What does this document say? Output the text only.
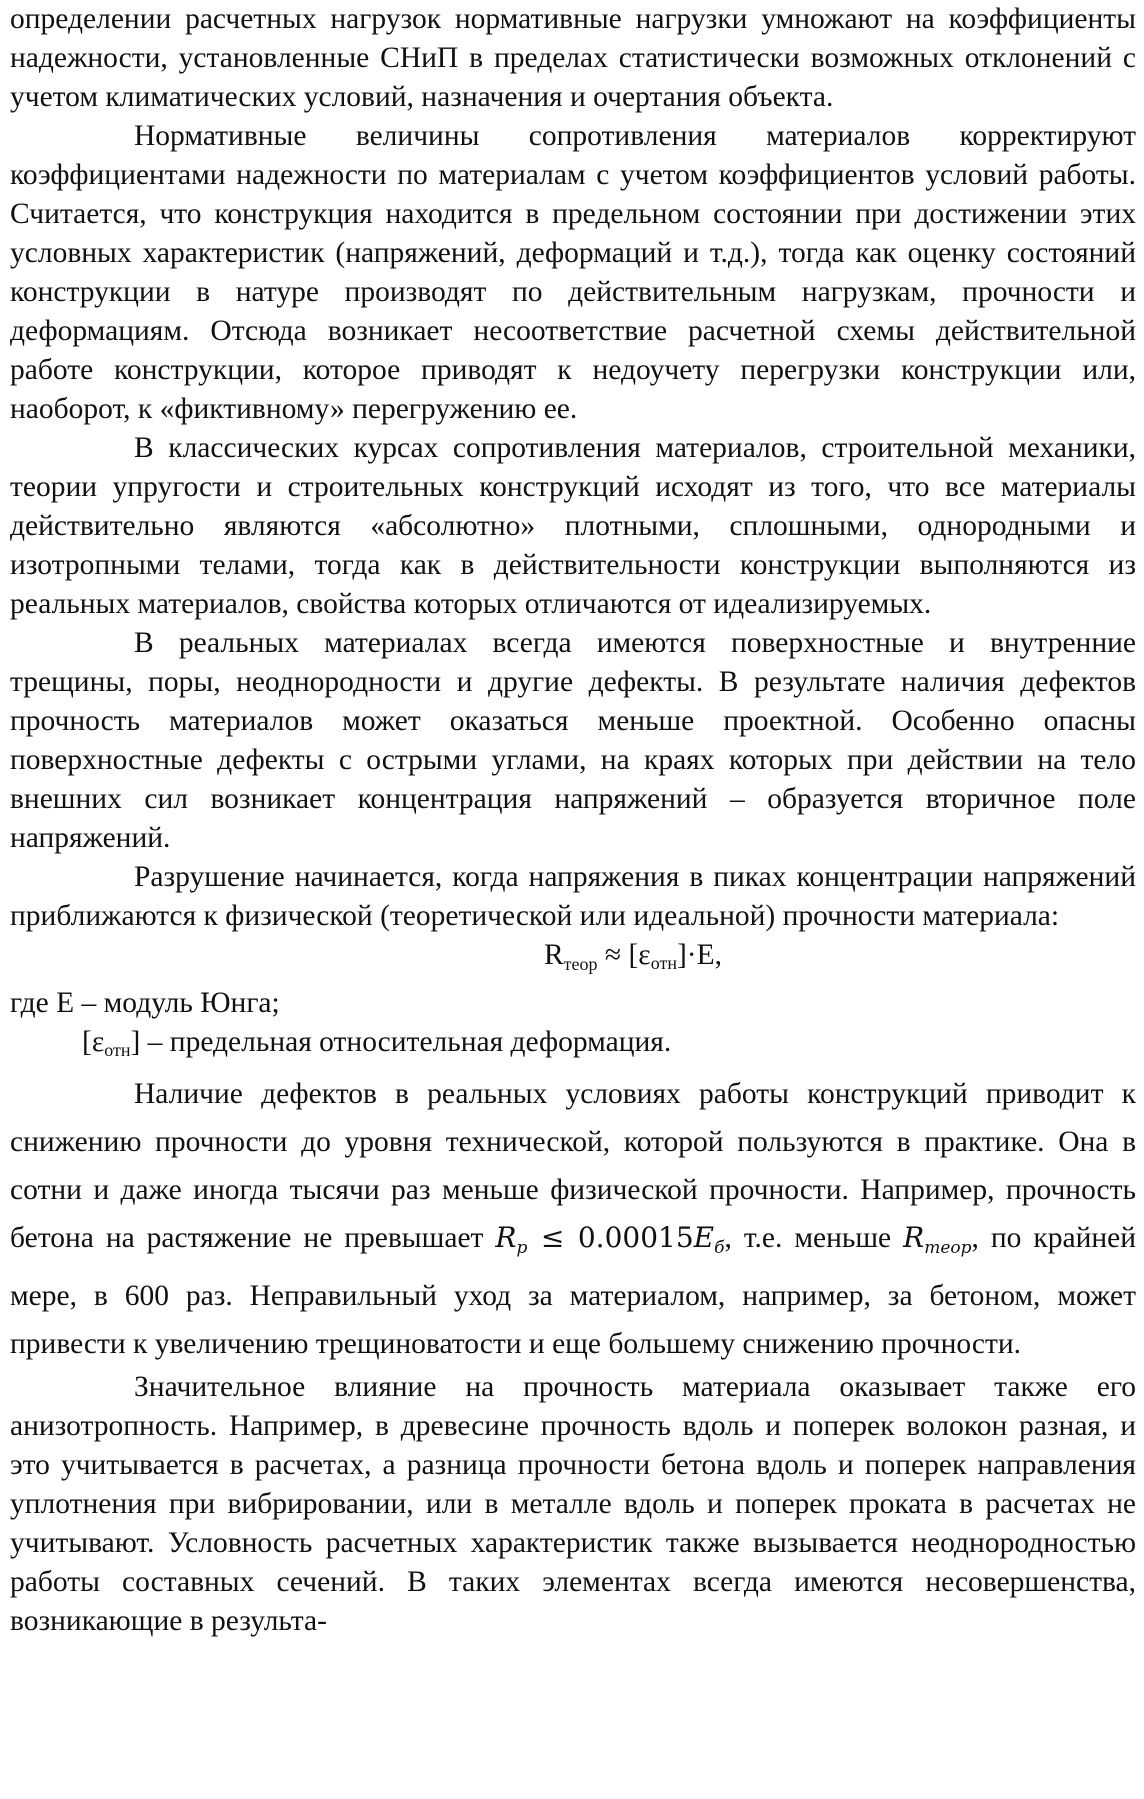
определении расчетных нагрузок нормативные нагрузки умножают на коэффициенты надежности, установленные СНиП в пределах статистически возможных отклонений с учетом климатических условий, назначения и очертания объекта.

Нормативные величины сопротивления материалов корректируют коэффициентами надежности по материалам с учетом коэффициентов условий работы. Считается, что конструкция находится в предельном состоянии при достижении этих условных характеристик (напряжений, деформаций и т.д.), тогда как оценку состояний конструкции в натуре производят по действительным нагрузкам, прочности и деформациям. Отсюда возникает несоответствие расчетной схемы действительной работе конструкции, которое приводят к недоучету перегрузки конструкции или, наоборот, к «фиктивному» перегружению ее.

В классических курсах сопротивления материалов, строительной механики, теории упругости и строительных конструкций исходят из того, что все материалы действительно являются «абсолютно» плотными, сплошными, однородными и изотропными телами, тогда как в действительности конструкции выполняются из реальных материалов, свойства которых отличаются от идеализируемых.

В реальных материалах всегда имеются поверхностные и внутренние трещины, поры, неоднородности и другие дефекты. В результате наличия дефектов прочность материалов может оказаться меньше проектной. Особенно опасны поверхностные дефекты с острыми углами, на краях которых при действии на тело внешних сил возникает концентрация напряжений – образуется вторичное поле напряжений.

Разрушение начинается, когда напряжения в пиках концентрации напряжений приближаются к физической (теоретической или идеальной) прочности материала:

$R_{теор} \approx [\varepsilon_{отн}]\cdot E$,

где E – модуль Юнга;

[εотн] – предельная относительная деформация.

Наличие дефектов в реальных условиях работы конструкций приводит к снижению прочности до уровня технической, которой пользуются в практике. Она в сотни и даже иногда тысячи раз меньше физической прочности. Например, прочность бетона на растяжение не превышает $R_p \le 0.00015E_б$, т.е. меньше $R_{теор}$, по крайней мере, в 600 раз. Неправильный уход за материалом, например, за бетоном, может привести к увеличению трещиноватости и еще большему снижению прочности.

Значительное влияние на прочность материала оказывает также его анизотропность. Например, в древесине прочность вдоль и поперек волокон разная, и это учитывается в расчетах, а разница прочности бетона вдоль и поперек направления уплотнения при вибрировании, или в металле вдоль и поперек проката в расчетах не учитывают. Условность расчетных характеристик также вызывается неоднородностью работы составных сечений. В таких элементах всегда имеются несовершенства, возникающие в результа-
